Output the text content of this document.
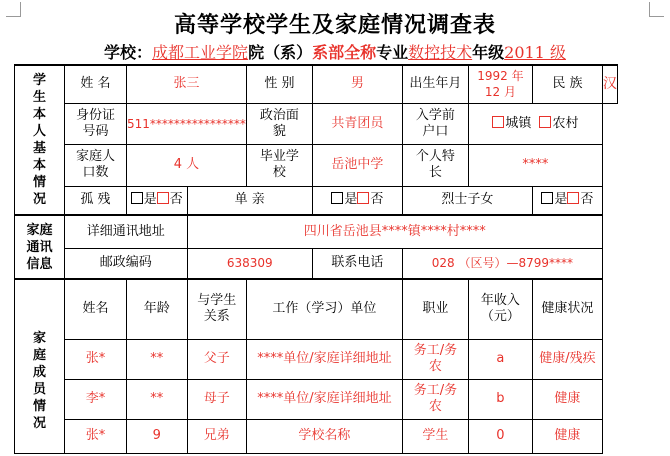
高等学校学生及家庭情况调查表
学校：成都工业学院院（系）系部全称专业数控技术年级2011 级
学生本人基本情况	姓 名	张三		性 别	男	出生年月	1992 年 12 月	民 族	汉
	身份证号码	511****************		政治面貌	共青团员	入学前户口	城镇 农村		
	家庭人口数	4 人		毕业学校	岳池中学	个人特长	****		
	孤 残	是 否	单 亲		是 否	烈士子女		是 否	
家庭通讯信息	详细通讯地址		四川省岳池县****镇****村****						
	邮政编码		638309		联系电话	028 （区号）—8799****			
家庭成员情况	姓名	年龄	与学生关系	工作（学习）单位		职业	年收入（元）	健康状况	
	张*	**	父子	****单位/家庭详细地址		务工/务农	a	健康/残疾	
	李*	**	母子	****单位/家庭详细地址		务工/务农	b	健康	
	张*	9	兄弟	学校名称		学生	0	健康	
